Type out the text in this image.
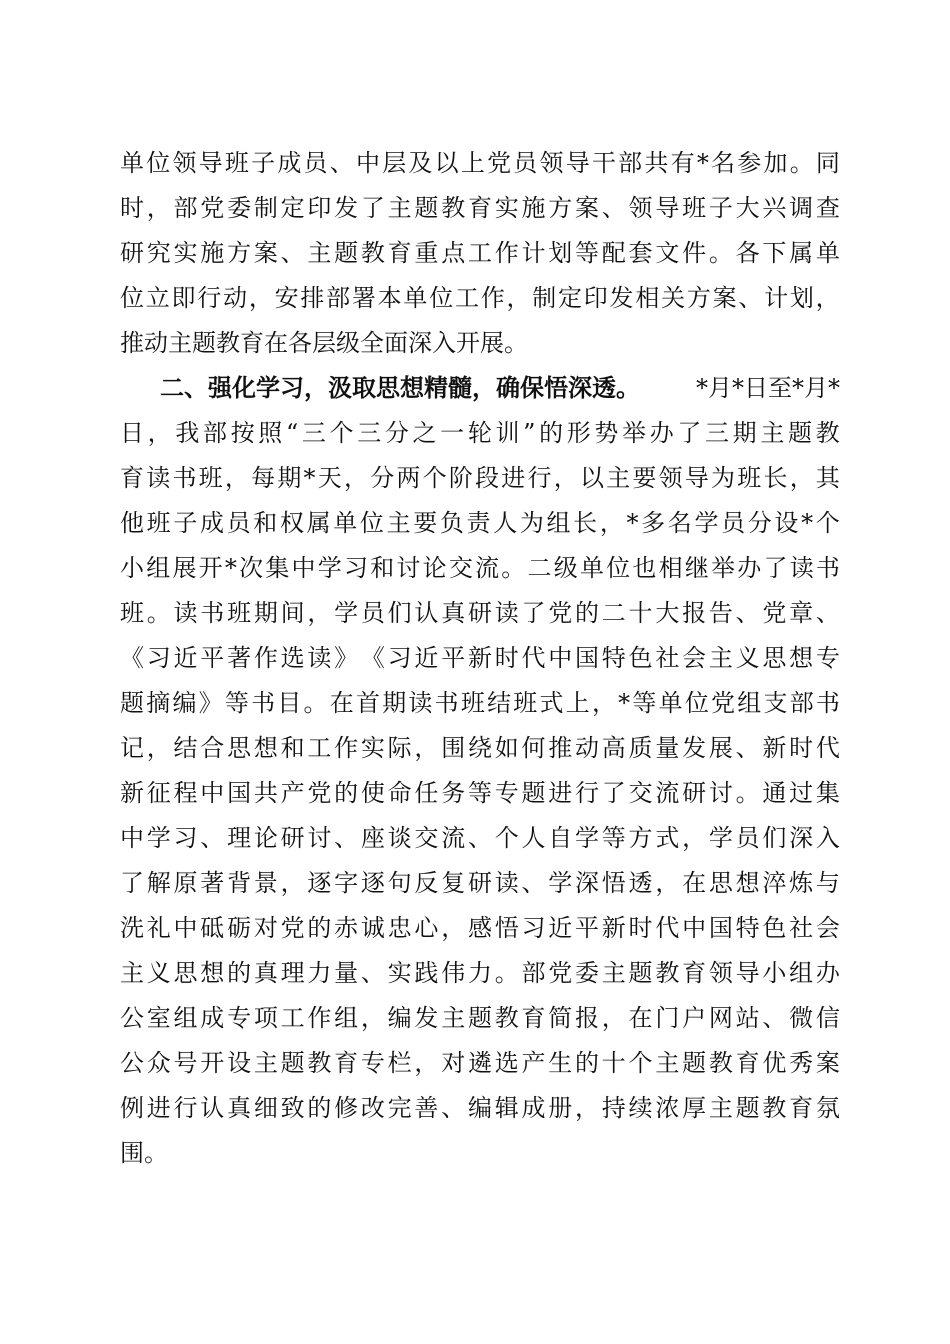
单 位 领 导 班 子 成 员 、 中 层 及 以 上 党 员 领 导 干 部 共 有 * 名 参 加 。 同
时 ， 部 党 委 制 定 印 发 了 主 题 教 育 实 施 方 案 、 领 导 班 子 大 兴 调 查
研 究 实 施 方 案 、 主 题 教 育 重 点 工 作 计 划 等 配 套 文 件 。 各 下 属 单
位 立 即 行 动 ， 安 排 部 署 本 单 位 工 作 ， 制 定 印 发 相 关 方 案 、 计 划 ，
推动主题教育在各层级全面深入开展。
二、强化学习，汲取思想精髓，确保悟深透。 *月*日至*月*
日 ， 我 部 按 照 “ 三 个 三 分 之 一 轮 训 ” 的 形 势 举 办 了 三 期 主 题 教
育 读 书 班 ， 每 期 * 天 ， 分 两 个 阶 段 进 行 ， 以 主 要 领 导 为 班 长 ， 其
他 班 子 成 员 和 权 属 单 位 主 要 负 责 人 为 组 长 ， * 多 名 学 员 分 设 * 个
小 组 展 开 * 次 集 中 学 习 和 讨 论 交 流 。 二 级 单 位 也 相 继 举 办 了 读 书
班 。 读 书 班 期 间 ， 学 员 们 认 真 研 读 了 党 的 二 十 大 报 告 、 党 章 、
《 习 近 平 著 作 选 读 》 《 习 近 平 新 时 代 中 国 特 色 社 会 主 义 思 想 专
题 摘 编 》 等 书 目 。 在 首 期 读 书 班 结 班 式 上 ， * 等 单 位 党 组 支 部 书
记 ， 结 合 思 想 和 工 作 实 际 ， 围 绕 如 何 推 动 高 质 量 发 展 、 新 时 代
新 征 程 中 国 共 产 党 的 使 命 任 务 等 专 题 进 行 了 交 流 研 讨 。 通 过 集
中 学 习 、 理 论 研 讨 、 座 谈 交 流 、 个 人 自 学 等 方 式 ， 学 员 们 深 入
了 解 原 著 背 景 ， 逐 字 逐 句 反 复 研 读 、 学 深 悟 透 ， 在 思 想 淬 炼 与
洗 礼 中 砥 砺 对 党 的 赤 诚 忠 心 ， 感 悟 习 近 平 新 时 代 中 国 特 色 社 会
主 义 思 想 的 真 理 力 量 、 实 践 伟 力 。 部 党 委 主 题 教 育 领 导 小 组 办
公 室 组 成 专 项 工 作 组 ， 编 发 主 题 教 育 简 报 ， 在 门 户 网 站 、 微 信
公 众 号 开 设 主 题 教 育 专 栏 ， 对 遴 选 产 生 的 十 个 主 题 教 育 优 秀 案
例 进 行 认 真 细 致 的 修 改 完 善 、 编 辑 成 册 ， 持 续 浓 厚 主 题 教 育 氛
围。
